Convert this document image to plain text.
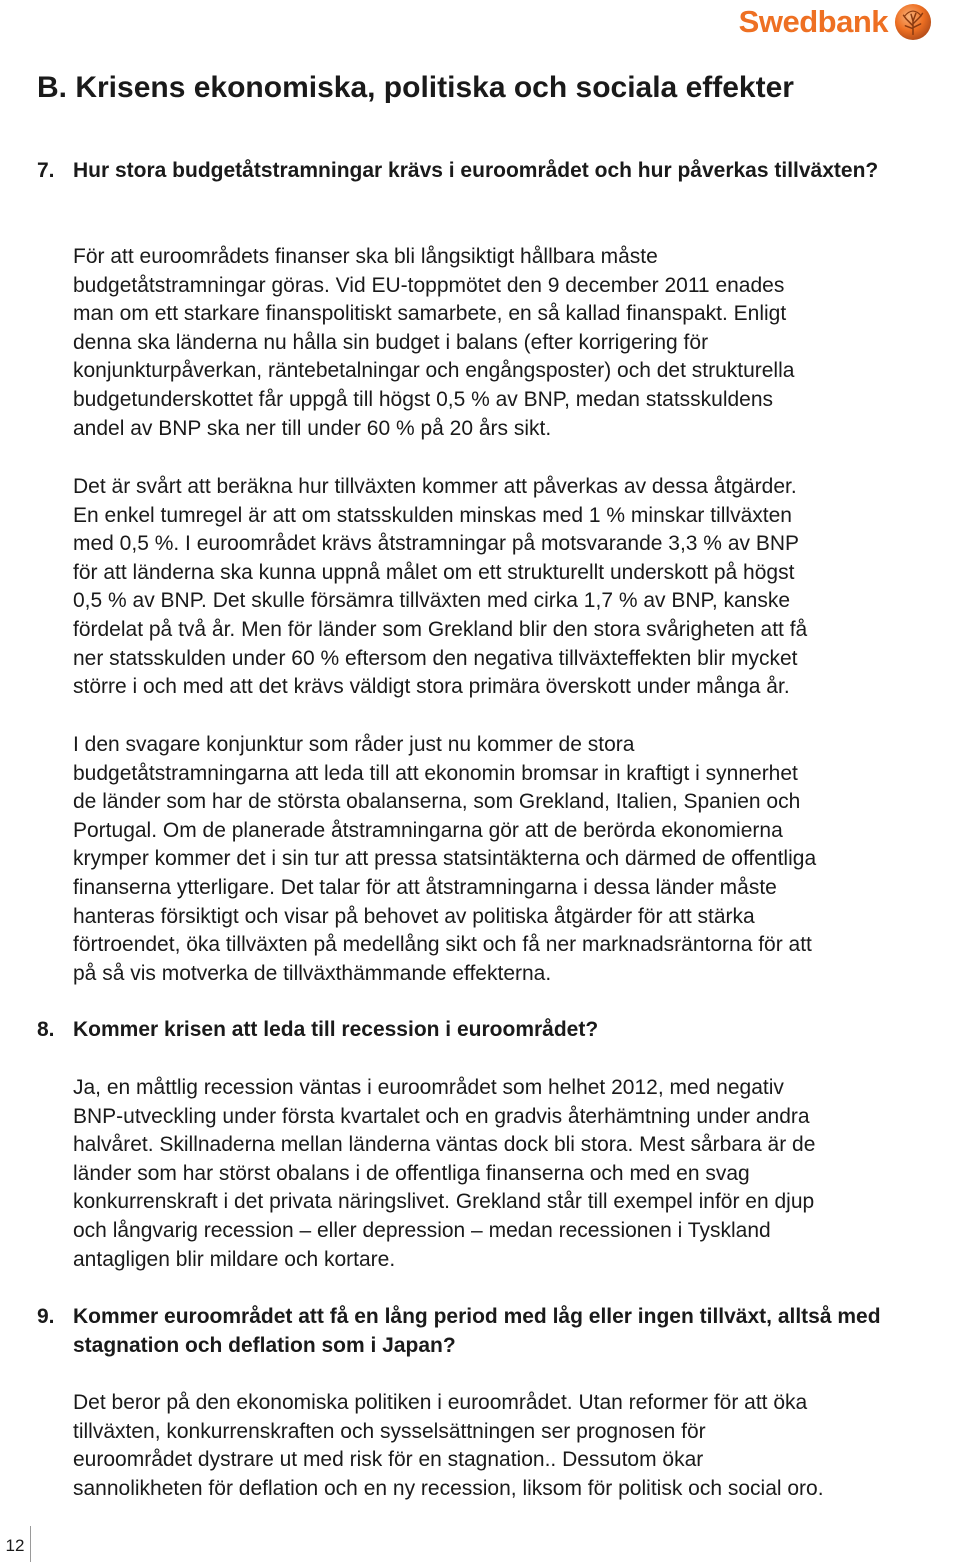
Swedbank
B. Krisens ekonomiska, politiska och sociala effekter
7. Hur stora budgetåtstramningar krävs i euroområdet och hur påverkas tillväxten?

För att euroområdets finanser ska bli långsiktigt hållbara måste
budgetåtstramningar göras. Vid EU-toppmötet den 9 december 2011 enades
man om ett starkare finanspolitiskt samarbete, en så kallad finanspakt. Enligt
denna ska länderna nu hålla sin budget i balans (efter korrigering för
konjunkturpåverkan, räntebetalningar och engångsposter) och det strukturella
budgetunderskottet får uppgå till högst 0,5 % av BNP, medan statsskuldens
andel av BNP ska ner till under 60 % på 20 års sikt.

Det är svårt att beräkna hur tillväxten kommer att påverkas av dessa åtgärder.
En enkel tumregel är att om statsskulden minskas med 1 % minskar tillväxten
med 0,5 %. I euroområdet krävs åtstramningar på motsvarande 3,3 % av BNP
för att länderna ska kunna uppnå målet om ett strukturellt underskott på högst
0,5 % av BNP. Det skulle försämra tillväxten med cirka 1,7 % av BNP, kanske
fördelat på två år. Men för länder som Grekland blir den stora svårigheten att få
ner statsskulden under 60 % eftersom den negativa tillväxteffekten blir mycket
större i och med att det krävs väldigt stora primära överskott under många år.

I den svagare konjunktur som råder just nu kommer de stora
budgetåtstramningarna att leda till att ekonomin bromsar in kraftigt i synnerhet
de länder som har de största obalanserna, som Grekland, Italien, Spanien och
Portugal. Om de planerade åtstramningarna gör att de berörda ekonomierna
krymper kommer det i sin tur att pressa statsintäkterna och därmed de offentliga
finanserna ytterligare. Det talar för att åtstramningarna i dessa länder måste
hanteras försiktigt och visar på behovet av politiska åtgärder för att stärka
förtroendet, öka tillväxten på medellång sikt och få ner marknadsräntorna för att
på så vis motverka de tillväxthämmande effekterna.

8. Kommer krisen att leda till recession i euroområdet?

Ja, en måttlig recession väntas i euroområdet som helhet 2012, med negativ
BNP-utveckling under första kvartalet och en gradvis återhämtning under andra
halvåret. Skillnaderna mellan länderna väntas dock bli stora. Mest sårbara är de
länder som har störst obalans i de offentliga finanserna och med en svag
konkurrenskraft i det privata näringslivet. Grekland står till exempel inför en djup
och långvarig recession – eller depression – medan recessionen i Tyskland
antagligen blir mildare och kortare.

9. Kommer euroområdet att få en lång period med låg eller ingen tillväxt, alltså med stagnation och deflation som i Japan?

Det beror på den ekonomiska politiken i euroområdet. Utan reformer för att öka
tillväxten, konkurrenskraften och sysselsättningen ser prognosen för
euroområdet dystrare ut med risk för en stagnation.. Dessutom ökar
sannolikheten för deflation och en ny recession, liksom för politisk och social oro.

12
